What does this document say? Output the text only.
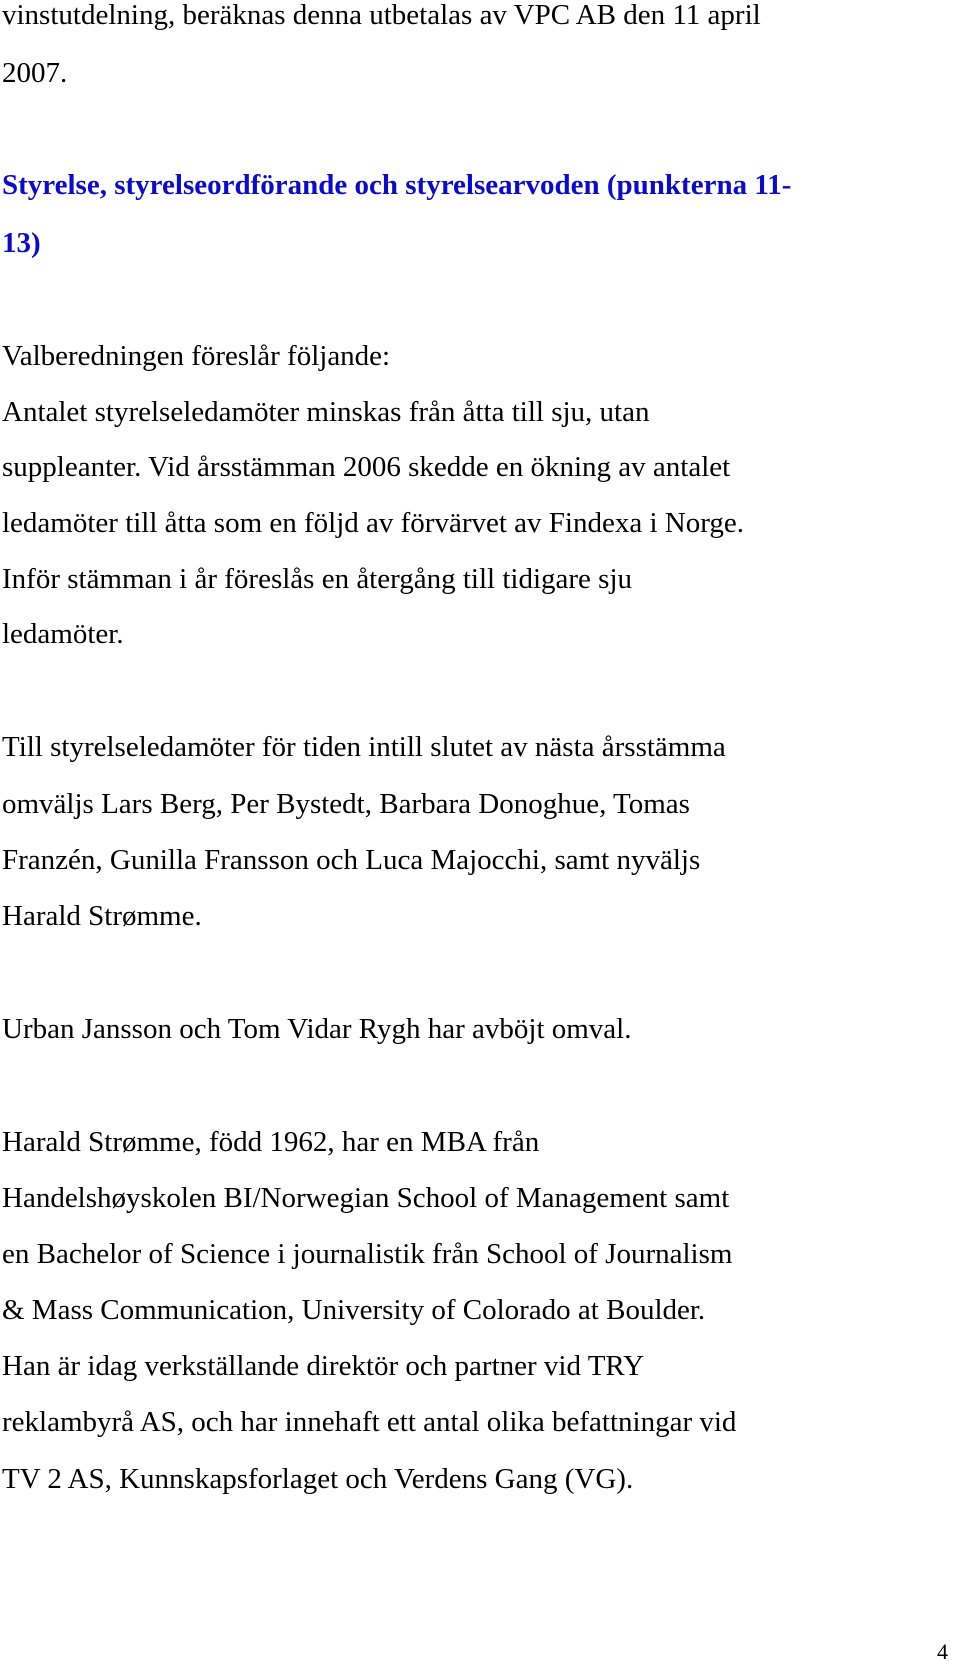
vinstutdelning, beräknas denna utbetalas av VPC AB den 11 april
2007.
Styrelse, styrelseordförande och styrelsearvoden (punkterna 11-
13)
Valberedningen föreslår följande:
Antalet styrelseledamöter minskas från åtta till sju, utan
suppleanter. Vid årsstämman 2006 skedde en ökning av antalet
ledamöter till åtta som en följd av förvärvet av Findexa i Norge.
Inför stämman i år föreslås en återgång till tidigare sju
ledamöter.
Till styrelseledamöter för tiden intill slutet av nästa årsstämma
omväljs Lars Berg, Per Bystedt, Barbara Donoghue, Tomas
Franzén, Gunilla Fransson och Luca Majocchi, samt nyväljs
Harald Strømme.
Urban Jansson och Tom Vidar Rygh har avböjt omval.
Harald Strømme, född 1962, har en MBA från
Handelshøyskolen BI/Norwegian School of Management samt
en Bachelor of Science i journalistik från School of Journalism
& Mass Communication, University of Colorado at Boulder.
Han är idag verkställande direktör och partner vid TRY
reklambyrå AS, och har innehaft ett antal olika befattningar vid
TV 2 AS, Kunnskapsforlaget och Verdens Gang (VG).
4
